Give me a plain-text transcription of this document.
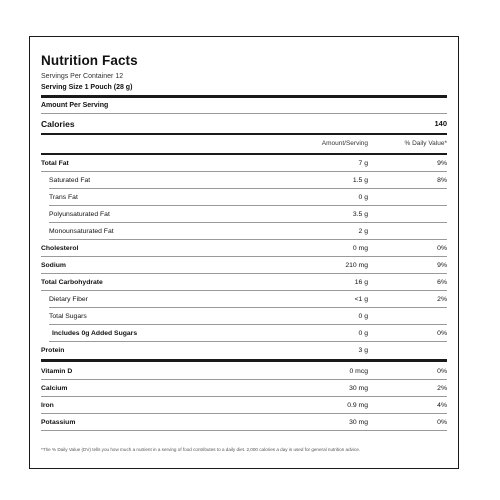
Nutrition Facts
Servings Per Container 12
Serving Size 1 Pouch (28 g)
Amount Per Serving
Calories	140
Amount/Serving	% Daily Value*
Total Fat	7 g	9%
Saturated Fat	1.5 g	8%
Trans Fat	0 g
Polyunsaturated Fat	3.5 g
Monounsaturated Fat	2 g
Cholesterol	0 mg	0%
Sodium	210 mg	9%
Total Carbohydrate	16 g	6%
Dietary Fiber	<1 g	2%
Total Sugars	0 g
Includes 0g Added Sugars	0 g	0%
Protein	3 g
Vitamin D	0 mcg	0%
Calcium	30 mg	2%
Iron	0.9 mg	4%
Potassium	30 mg	0%
*The % Daily Value (DV) tells you how much a nutrient in a serving of food contributes to a daily diet. 2,000 calories a day is used for general nutrition advice.
